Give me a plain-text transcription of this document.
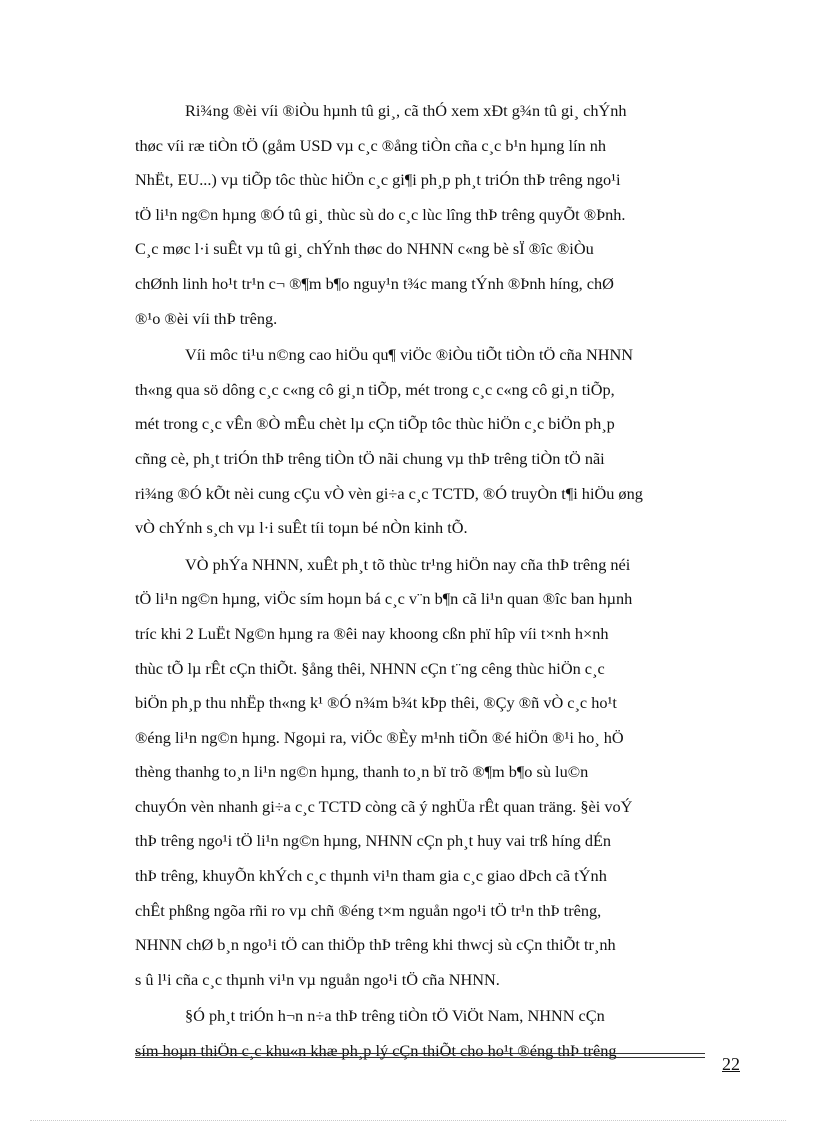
Ri¾ng ®èi víi ®iÒu hµnh tû gi¸, cã thÓ xem xÐt g¾n tû gi¸ chÝnh
thøc víi ræ tiÒn tÖ (gåm USD vµ c¸c ®ång tiÒn cña c¸c b¹n hµng lín nh
NhËt, EU...) vµ tiÕp tôc thùc hiÖn c¸c gi¶i ph¸p ph¸t triÓn thÞ trêng ngo¹i
tÖ li¹n ng©n hµng ®Ó tû gi¸ thùc sù do c¸c lùc lîng thÞ trêng quyÕt ®Þnh.
C¸c møc l·i suÊt vµ tû gi¸ chÝnh thøc do NHNN c«ng bè sÏ ®îc ®iÒu
chØnh linh ho¹t tr¹n c¬ ®¶m b¶o nguy¹n t¾c mang tÝnh ®Þnh híng, chØ
®¹o ®èi víi thÞ trêng.
Víi môc ti¹u n©ng cao hiÖu qu¶ viÖc ®iÒu tiÕt tiÒn tÖ cña NHNN
th«ng qua sö dông c¸c c«ng cô gi¸n tiÕp, mét trong c¸c c«ng cô gi¸n tiÕp,
mét trong c¸c vÊn ®Ò mÊu chèt lµ cÇn tiÕp tôc thùc hiÖn c¸c biÖn ph¸p
cñng cè, ph¸t triÓn thÞ trêng tiÒn tÖ nãi chung vµ thÞ trêng tiÒn tÖ nãi
ri¾ng ®Ó kÕt nèi cung cÇu vÒ vèn gi÷a c¸c TCTD, ®Ó truyÒn t¶i hiÖu øng
vÒ chÝnh s¸ch vµ l·i suÊt tíi toµn bé nÒn kinh tÕ.
VÒ phÝa NHNN, xuÊt ph¸t tõ thùc tr¹ng hiÖn nay cña thÞ trêng néi
tÖ li¹n ng©n hµng, viÖc sím hoµn bá c¸c v¨n b¶n cã li¹n quan ®îc ban hµnh
tríc khi 2 LuËt Ng©n hµng ra ®êi nay khoong cßn phï hîp víi t×nh h×nh
thùc tÕ lµ rÊt cÇn thiÕt. §ång thêi, NHNN cÇn t¨ng cêng thùc hiÖn c¸c
biÖn ph¸p thu nhËp th«ng k¹ ®Ó n¾m b¾t kÞp thêi, ®Çy ®ñ vÒ c¸c ho¹t
®éng li¹n ng©n hµng. Ngoµi ra, viÖc ®Èy m¹nh tiÕn ®é hiÖn ®¹i ho¸ hÖ
thèng thanhg to¸n li¹n ng©n hµng, thanh to¸n bï trõ ®¶m b¶o sù lu©n
chuyÓn vèn nhanh gi÷a c¸c TCTD còng cã ý nghÜa rÊt quan träng. §èi voÝ
thÞ trêng ngo¹i tÖ li¹n ng©n hµng, NHNN cÇn ph¸t huy vai trß híng dÉn
thÞ trêng, khuyÕn khÝch c¸c thµnh vi¹n tham gia c¸c giao dÞch cã tÝnh
chÊt phßng ngõa rñi ro vµ chñ ®éng t×m nguån ngo¹i tÖ tr¹n thÞ trêng,
NHNN chØ b¸n ngo¹i tÖ can thiÖp thÞ trêng khi thwcj sù cÇn thiÕt tr¸nh
s û l¹i cña c¸c thµnh vi¹n vµ nguån ngo¹i tÖ cña NHNN.
§Ó ph¸t triÓn h¬n n÷a thÞ trêng tiÒn tÖ ViÖt Nam, NHNN cÇn
sím hoµn thiÖn c¸c khu«n khæ ph¸p lý cÇn thiÕt cho ho¹t ®éng thÞ trêng
22
